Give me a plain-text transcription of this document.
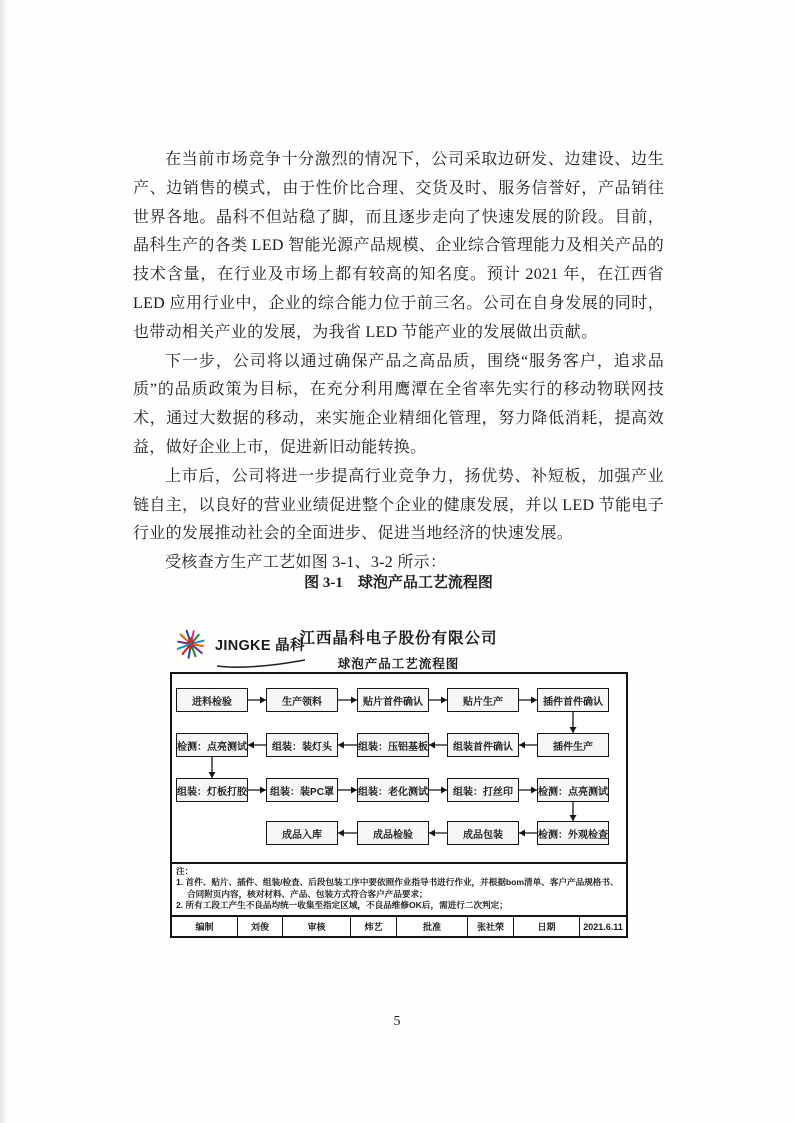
在当前市场竞争十分激烈的情况下，公司采取边研发、边建设、边生产、边销售的模式，由于性价比合理、交货及时、服务信誉好，产品销往世界各地。晶科不但站稳了脚，而且逐步走向了快速发展的阶段。目前，晶科生产的各类 LED 智能光源产品规模、企业综合管理能力及相关产品的技术含量，在行业及市场上都有较高的知名度。预计 2021 年，在江西省 LED 应用行业中，企业的综合能力位于前三名。公司在自身发展的同时，也带动相关产业的发展，为我省 LED 节能产业的发展做出贡献。

下一步，公司将以通过确保产品之高品质，围绕“服务客户，追求品质”的品质政策为目标，在充分利用鹰潭在全省率先实行的移动物联网技术，通过大数据的移动，来实施企业精细化管理，努力降低消耗，提高效益，做好企业上市，促进新旧动能转换。

上市后，公司将进一步提高行业竞争力，扬优势、补短板，加强产业链自主，以良好的营业业绩促进整个企业的健康发展，并以 LED 节能电子行业的发展推动社会的全面进步、促进当地经济的快速发展。

受核查方生产工艺如图 3-1、3-2 所示：

图 3-1　球泡产品工艺流程图
JINGKE 晶科
江西晶科电子股份有限公司
球泡产品工艺流程图
进料检验	生产领料	贴片首件确认	贴片生产	插件首件确认
检测：点亮测试	组装：装灯头	组装：压铝基板	组装首件确认	插件生产
组装：灯板打胶	组装：装PC罩	组装：老化测试	组装：打丝印	检测：点亮测试
成品入库	成品检验	成品包装	检测：外观检查
注：
1. 首件、贴片、插件、组装/检查、后段包装工序中要依照作业指导书进行作业，并根据bom清单、客户产品规格书、合同附页内容，核对材料、产品、包装方式符合客户产品要求；
2. 所有工段工产生不良品均统一收集至指定区域，不良品维修OK后，需进行二次判定；
编制	刘俊	审核	炜艺	批准	张社荣	日期	2021.6.11
5
